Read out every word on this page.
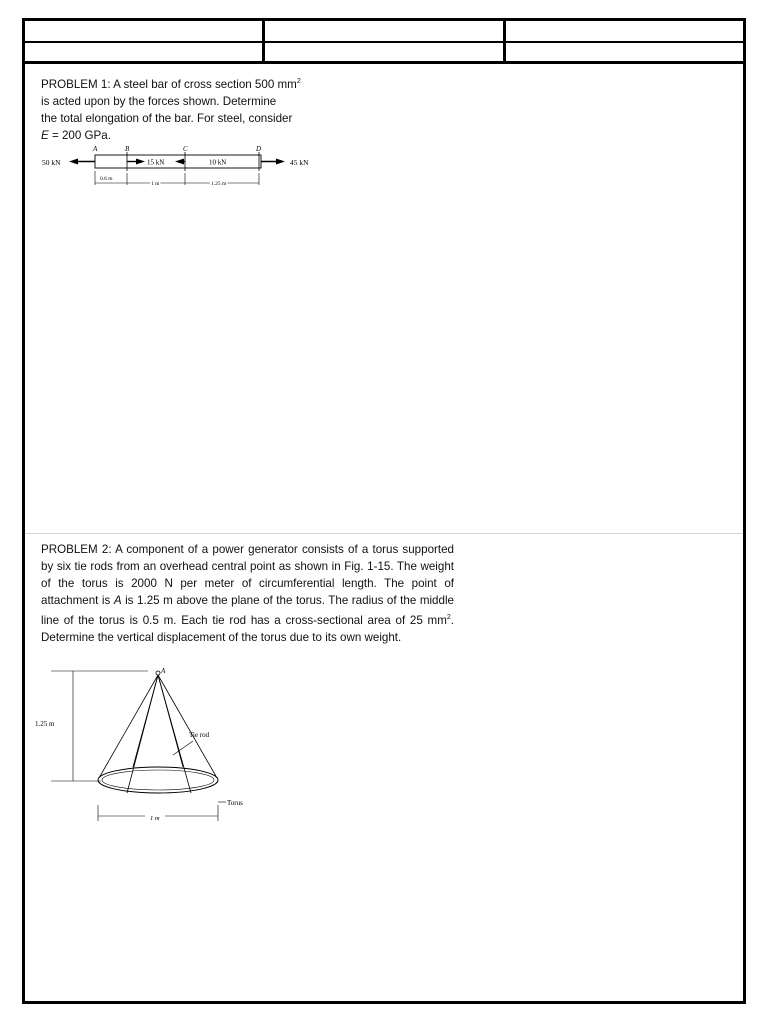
PROBLEM 1: A steel bar of cross section 500 $mm^2$
is acted upon by the forces shown. Determine
the total elongation of the bar. For steel, consider
E = 200 GPa.
A	B	C	D
50 kN	15 kN	10 kN	45 kN
0.6 m
1 m	1.25 m
PROBLEM 2: A component of a power generator consists of a torus supported by six tie rods from an overhead central point as shown in Fig. 1-15. The weight of the torus is 2000 N per meter of circumferential length. The point of attachment is A is 1.25 m above the plane of the torus. The radius of the middle line of the torus is 0.5 m. Each tie rod has a cross-sectional area of 25 $mm^2$. Determine the vertical displacement of the torus due to its own weight.
A
1.25 m
Tie rod
Torus
1 m
